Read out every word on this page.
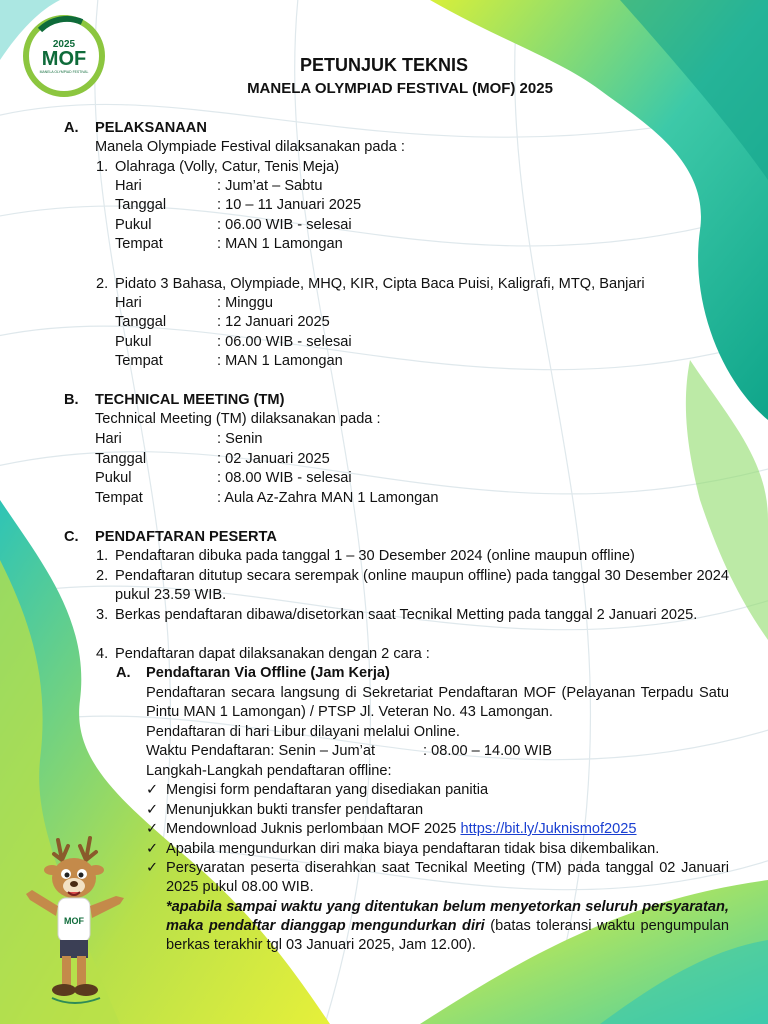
2025
MOF
MANELA OLYMPIAD FESTIVAL
MOF
PETUNJUK TEKNIS
MANELA OLYMPIAD FESTIVAL (MOF) 2025
A. PELAKSANAAN
Manela Olympiade Festival dilaksanakan pada :
1. Olahraga (Volly, Catur, Tenis Meja)
Hari	: Jum’at – Sabtu
Tanggal	: 10 – 11 Januari 2025
Pukul	: 06.00 WIB - selesai
Tempat	: MAN 1 Lamongan
2. Pidato 3 Bahasa, Olympiade, MHQ, KIR, Cipta Baca Puisi, Kaligrafi, MTQ, Banjari
Hari	: Minggu
Tanggal	: 12 Januari 2025
Pukul	: 06.00 WIB - selesai
Tempat	: MAN 1 Lamongan
B. TECHNICAL MEETING (TM)
Technical Meeting (TM) dilaksanakan pada :
Hari	: Senin
Tanggal	: 02 Januari 2025
Pukul	: 08.00 WIB - selesai
Tempat	: Aula Az-Zahra MAN 1 Lamongan
C. PENDAFTARAN PESERTA
1. Pendaftaran dibuka pada tanggal 1 – 30 Desember 2024 (online maupun offline)
2. Pendaftaran ditutup secara serempak (online maupun offline) pada tanggal 30 Desember 2024 pukul 23.59 WIB.
3. Berkas pendaftaran dibawa/disetorkan saat Tecnikal Metting pada tanggal 2 Januari 2025.
4. Pendaftaran dapat dilaksanakan dengan 2 cara :
A. Pendaftaran Via Offline (Jam Kerja)
Pendaftaran secara langsung di Sekretariat Pendaftaran MOF (Pelayanan Terpadu Satu Pintu MAN 1 Lamongan) / PTSP Jl. Veteran No. 43 Lamongan.
Pendaftaran di hari Libur dilayani melalui Online.
Waktu Pendaftaran: Senin – Jum’at	: 08.00 – 14.00 WIB
Langkah-Langkah pendaftaran offline:
✓ Mengisi form pendaftaran yang disediakan panitia
✓ Menunjukkan bukti transfer pendaftaran
✓ Mendownload Juknis perlombaan MOF 2025 https://bit.ly/Juknismof2025
✓ Apabila mengundurkan diri maka biaya pendaftaran tidak bisa dikembalikan.
✓ Persyaratan peserta diserahkan saat Tecnikal Meeting (TM) pada tanggal 02 Januari 2025 pukul 08.00 WIB.
*apabila sampai waktu yang ditentukan belum menyetorkan seluruh persyaratan, maka pendaftar dianggap mengundurkan diri (batas toleransi waktu pengumpulan berkas terakhir tgl 03 Januari 2025, Jam 12.00).
